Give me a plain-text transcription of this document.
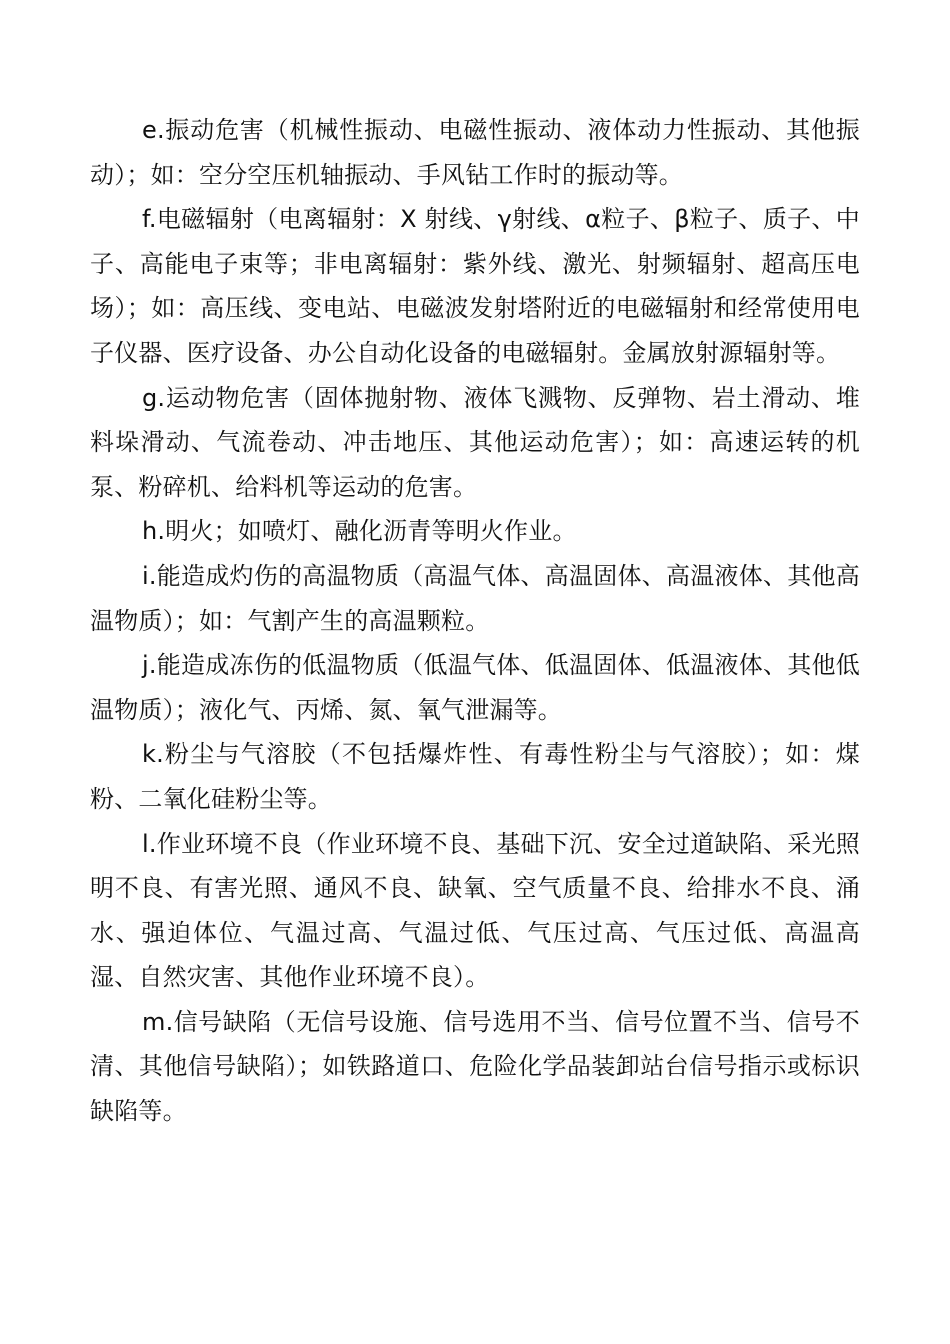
e.振动危害（机械性振动、电磁性振动、液体动力性振动、其他振动）；如：空分空压机轴振动、手风钻工作时的振动等。

f.电磁辐射（电离辐射：X 射线、γ射线、α粒子、β粒子、质子、中子、高能电子束等；非电离辐射：紫外线、激光、射频辐射、超高压电场）；如：高压线、变电站、电磁波发射塔附近的电磁辐射和经常使用电子仪器、医疗设备、办公自动化设备的电磁辐射。金属放射源辐射等。

g.运动物危害（固体抛射物、液体飞溅物、反弹物、岩土滑动、堆料垛滑动、气流卷动、冲击地压、其他运动危害）；如：高速运转的机泵、粉碎机、给料机等运动的危害。

h.明火；如喷灯、融化沥青等明火作业。

i.能造成灼伤的高温物质（高温气体、高温固体、高温液体、其他高温物质）；如：气割产生的高温颗粒。

j.能造成冻伤的低温物质（低温气体、低温固体、低温液体、其他低温物质）；液化气、丙烯、氮、氧气泄漏等。

k.粉尘与气溶胶（不包括爆炸性、有毒性粉尘与气溶胶）；如：煤粉、二氧化硅粉尘等。

l.作业环境不良（作业环境不良、基础下沉、安全过道缺陷、采光照明不良、有害光照、通风不良、缺氧、空气质量不良、给排水不良、涌水、强迫体位、气温过高、气温过低、气压过高、气压过低、高温高湿、自然灾害、其他作业环境不良）。

m.信号缺陷（无信号设施、信号选用不当、信号位置不当、信号不清、其他信号缺陷）；如铁路道口、危险化学品装卸站台信号指示或标识缺陷等。
